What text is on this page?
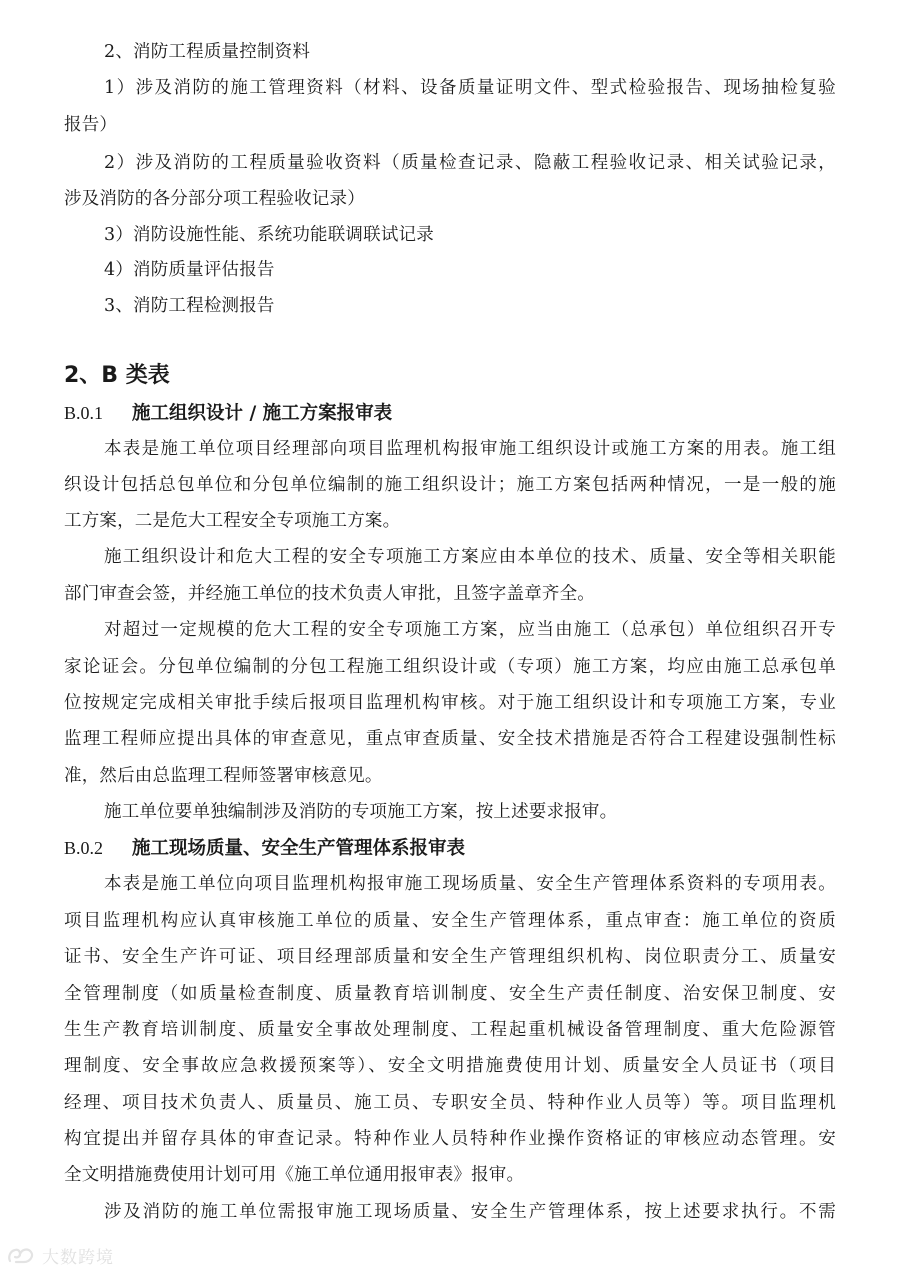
2、消防工程质量控制资料
1）涉及消防的施工管理资料（材料、设备质量证明文件、型式检验报告、现场抽检复验
报告）
2）涉及消防的工程质量验收资料（质量检查记录、隐蔽工程验收记录、相关试验记录，
涉及消防的各分部分项工程验收记录）
3）消防设施性能、系统功能联调联试记录
4）消防质量评估报告
3、消防工程检测报告
2、B 类表
B.0.1 施工组织设计 / 施工方案报审表
本表是施工单位项目经理部向项目监理机构报审施工组织设计或施工方案的用表。施工组
织设计包括总包单位和分包单位编制的施工组织设计；施工方案包括两种情况，一是一般的施
工方案，二是危大工程安全专项施工方案。
施工组织设计和危大工程的安全专项施工方案应由本单位的技术、质量、安全等相关职能
部门审查会签，并经施工单位的技术负责人审批，且签字盖章齐全。
对超过一定规模的危大工程的安全专项施工方案，应当由施工（总承包）单位组织召开专
家论证会。分包单位编制的分包工程施工组织设计或（专项）施工方案，均应由施工总承包单
位按规定完成相关审批手续后报项目监理机构审核。对于施工组织设计和专项施工方案，专业
监理工程师应提出具体的审查意见，重点审查质量、安全技术措施是否符合工程建设强制性标
准，然后由总监理工程师签署审核意见。
施工单位要单独编制涉及消防的专项施工方案，按上述要求报审。
B.0.2 施工现场质量、安全生产管理体系报审表
本表是施工单位向项目监理机构报审施工现场质量、安全生产管理体系资料的专项用表。
项目监理机构应认真审核施工单位的质量、安全生产管理体系，重点审查：施工单位的资质
证书、安全生产许可证、项目经理部质量和安全生产管理组织机构、岗位职责分工、质量安
全管理制度（如质量检查制度、质量教育培训制度、安全生产责任制度、治安保卫制度、安
生生产教育培训制度、质量安全事故处理制度、工程起重机械设备管理制度、重大危险源管
理制度、安全事故应急救援预案等）、安全文明措施费使用计划、质量安全人员证书（项目
经理、项目技术负责人、质量员、施工员、专职安全员、特种作业人员等）等。项目监理机
构宜提出并留存具体的审查记录。特种作业人员特种作业操作资格证的审核应动态管理。安
全文明措施费使用计划可用《施工单位通用报审表》报审。
涉及消防的施工单位需报审施工现场质量、安全生产管理体系，按上述要求执行。不需
大数跨境
